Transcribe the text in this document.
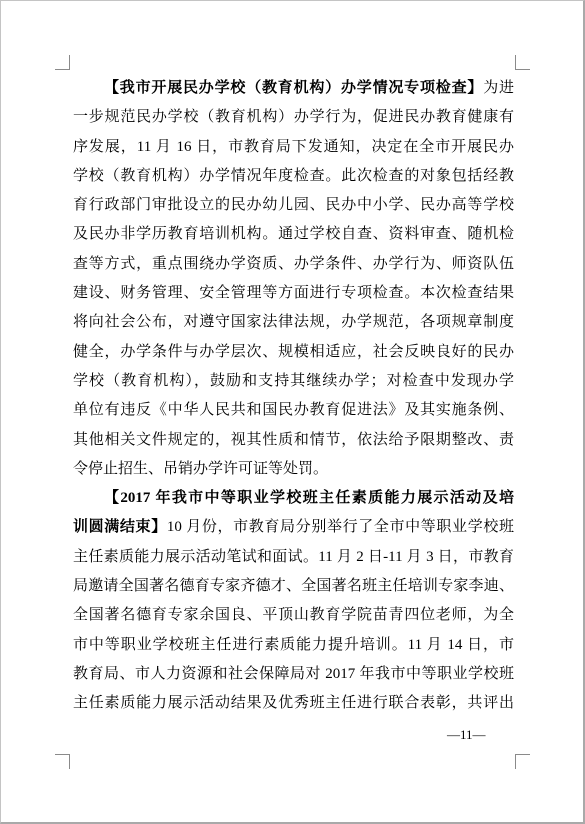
【我市开展民办学校（教育机构）办学情况专项检查】为进
一步规范民办学校（教育机构）办学行为，促进民办教育健康有
序发展，11 月 16 日，市教育局下发通知，决定在全市开展民办
学校（教育机构）办学情况年度检查。此次检查的对象包括经教
育行政部门审批设立的民办幼儿园、民办中小学、民办高等学校
及民办非学历教育培训机构。通过学校自查、资料审查、随机检
查等方式，重点围绕办学资质、办学条件、办学行为、师资队伍
建设、财务管理、安全管理等方面进行专项检查。本次检查结果
将向社会公布，对遵守国家法律法规，办学规范，各项规章制度
健全，办学条件与办学层次、规模相适应，社会反映良好的民办
学校（教育机构），鼓励和支持其继续办学；对检查中发现办学
单位有违反《中华人民共和国民办教育促进法》及其实施条例、
其他相关文件规定的，视其性质和情节，依法给予限期整改、责
令停止招生、吊销办学许可证等处罚。
【2017 年我市中等职业学校班主任素质能力展示活动及培
训圆满结束】10 月份，市教育局分别举行了全市中等职业学校班
主任素质能力展示活动笔试和面试。11 月 2 日-11 月 3 日，市教育
局邀请全国著名德育专家齐德才、全国著名班主任培训专家李迪、
全国著名德育专家余国良、平顶山教育学院苗青四位老师，为全
市中等职业学校班主任进行素质能力提升培训。11 月 14 日，市
教育局、市人力资源和社会保障局对 2017 年我市中等职业学校班
主任素质能力展示活动结果及优秀班主任进行联合表彰，共评出
—11—
